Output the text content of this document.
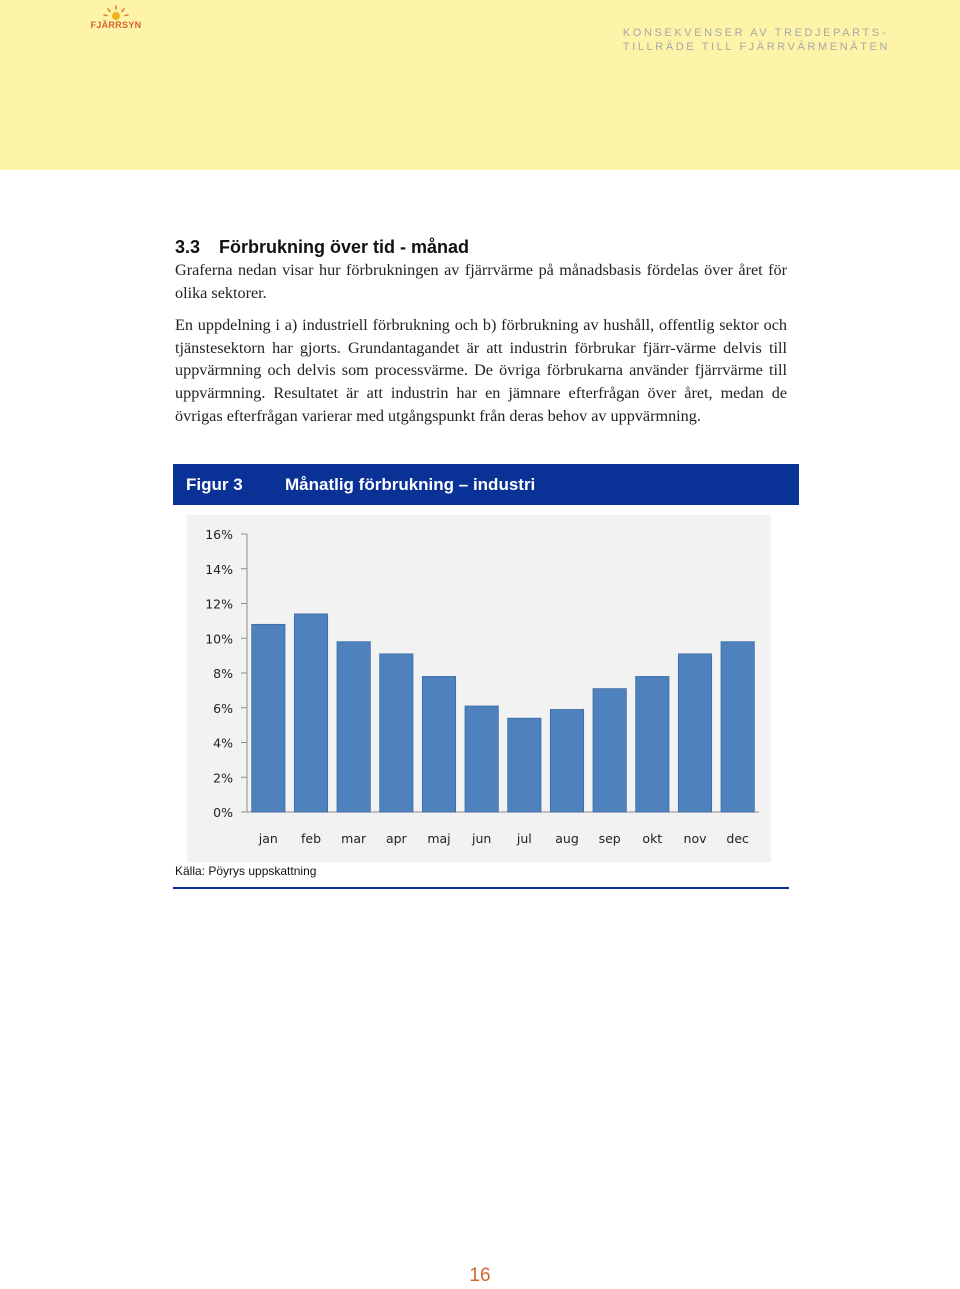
FJÄRRSYN
KONSEKVENSER AV TREDJEPARTS-
TILLRÄDE TILL FJÄRRVÄRMENÄTEN
3.3 Förbrukning över tid - månad
Graferna nedan visar hur förbrukningen av fjärrvärme på månadsbasis fördelas över året för olika sektorer.
En uppdelning i a) industriell förbrukning och b) förbrukning av hushåll, offentlig sektor och tjänstesektorn har gjorts. Grundantagandet är att industrin förbrukar fjärr-värme delvis till uppvärmning och delvis som processvärme. De övriga förbrukarna använder fjärrvärme till uppvärmning. Resultatet är att industrin har en jämnare efterfrågan över året, medan de övrigas efterfrågan varierar med utgångspunkt från deras behov av uppvärmning.
Figur 3 Månatlig förbrukning – industri
0%
2%
4%
6%
8%
10%
12%
14%
16%
jan feb mar apr maj jun jul aug sep okt nov dec
Källa: Pöyrys uppskattning
16
